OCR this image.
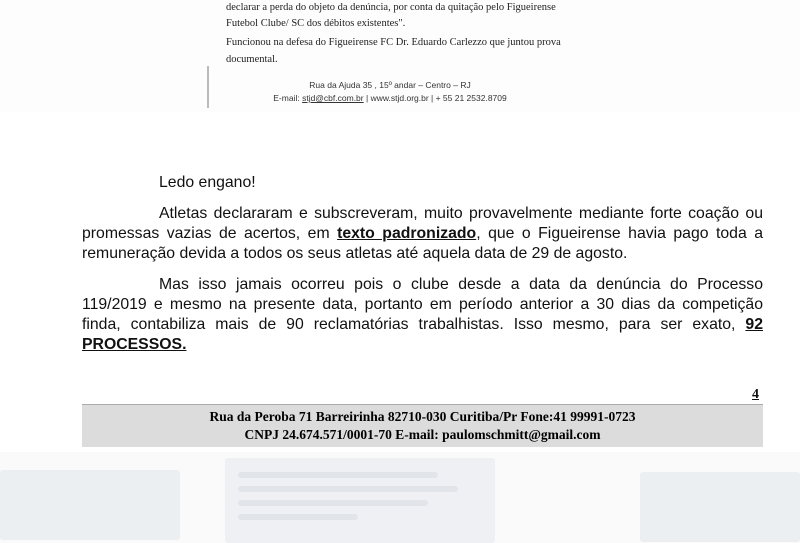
declarar a perda do objeto da denúncia, por conta da quitação pelo Figueirense
Futebol Clube/ SC dos débitos existentes".
Funcionou na defesa do Figueirense FC Dr. Eduardo Carlezzo que juntou prova
documental.
Rua da Ajuda 35 , 15º andar – Centro – RJ
E-mail: stjd@cbf.com.br | www.stjd.org.br | + 55 21 2532.8709

Ledo engano!

Atletas declararam e subscreveram, muito provavelmente mediante forte coação ou promessas vazias de acertos, em texto padronizado, que o Figueirense havia pago toda a remuneração devida a todos os seus atletas até aquela data de 29 de agosto.

Mas isso jamais ocorreu pois o clube desde a data da denúncia do Processo 119/2019 e mesmo na presente data, portanto em período anterior a 30 dias da competição finda, contabiliza mais de 90 reclamatórias trabalhistas. Isso mesmo, para ser exato, 92 PROCESSOS.

4
Rua da Peroba 71 Barreirinha 82710-030 Curitiba/Pr Fone:41 99991-0723
CNPJ 24.674.571/0001-70 E-mail: paulomschmitt@gmail.com
